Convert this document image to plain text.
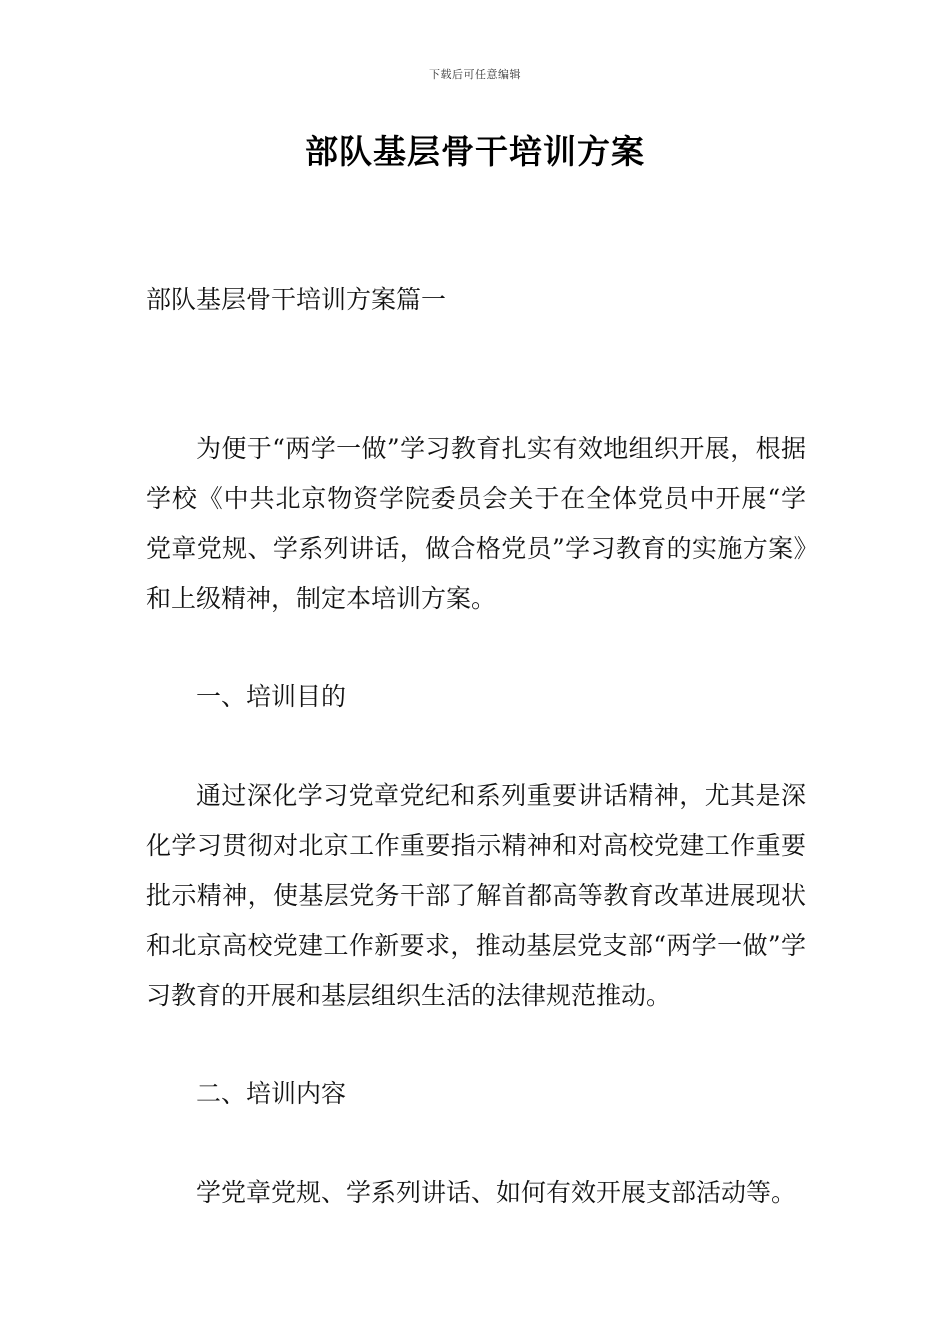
下载后可任意编辑
部队基层骨干培训方案

部队基层骨干培训方案篇一

为便于“两学一做”学习教育扎实有效地组织开展，根据学校《中共北京物资学院委员会关于在全体党员中开展“学党章党规、学系列讲话，做合格党员”学习教育的实施方案》和上级精神，制定本培训方案。

一、培训目的

通过深化学习党章党纪和系列重要讲话精神，尤其是深化学习贯彻对北京工作重要指示精神和对高校党建工作重要批示精神，使基层党务干部了解首都高等教育改革进展现状和北京高校党建工作新要求，推动基层党支部“两学一做”学习教育的开展和基层组织生活的法律规范推动。

二、培训内容

学党章党规、学系列讲话、如何有效开展支部活动等。
